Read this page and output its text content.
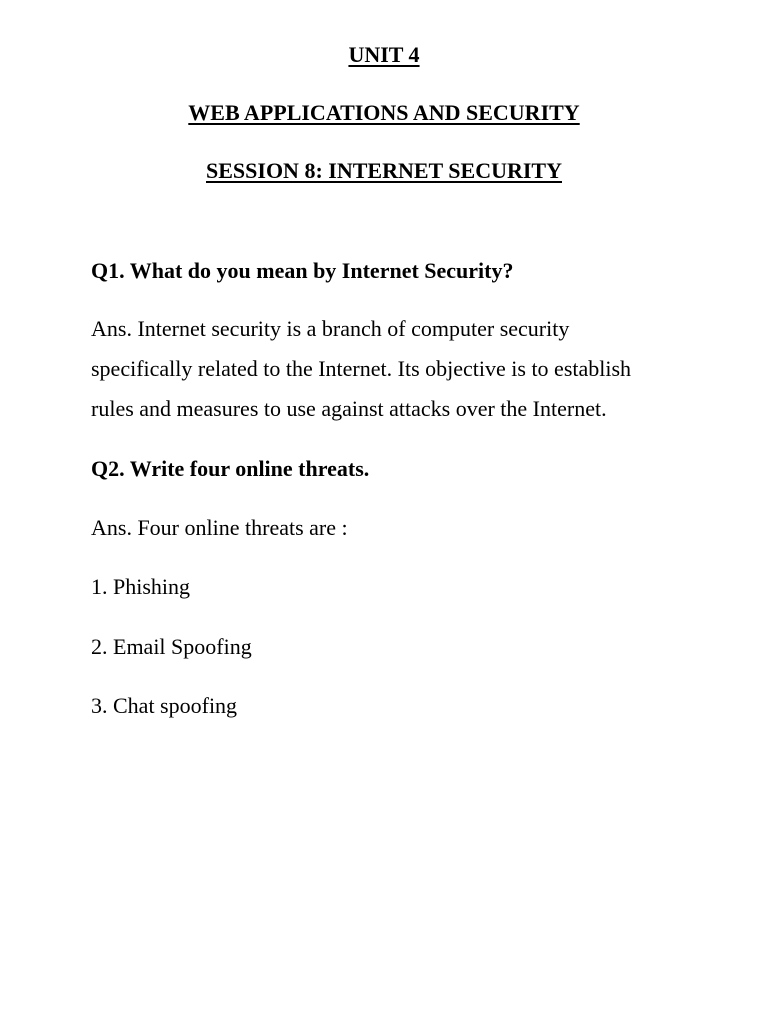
UNIT 4
WEB APPLICATIONS AND SECURITY
SESSION 8: INTERNET SECURITY

Q1. What do you mean by Internet Security?

Ans. Internet security is a branch of computer security

specifically related to the Internet. Its objective is to establish

rules and measures to use against attacks over the Internet.

Q2. Write four online threats.

Ans. Four online threats are :

1. Phishing

2. Email Spoofing

3. Chat spoofing
